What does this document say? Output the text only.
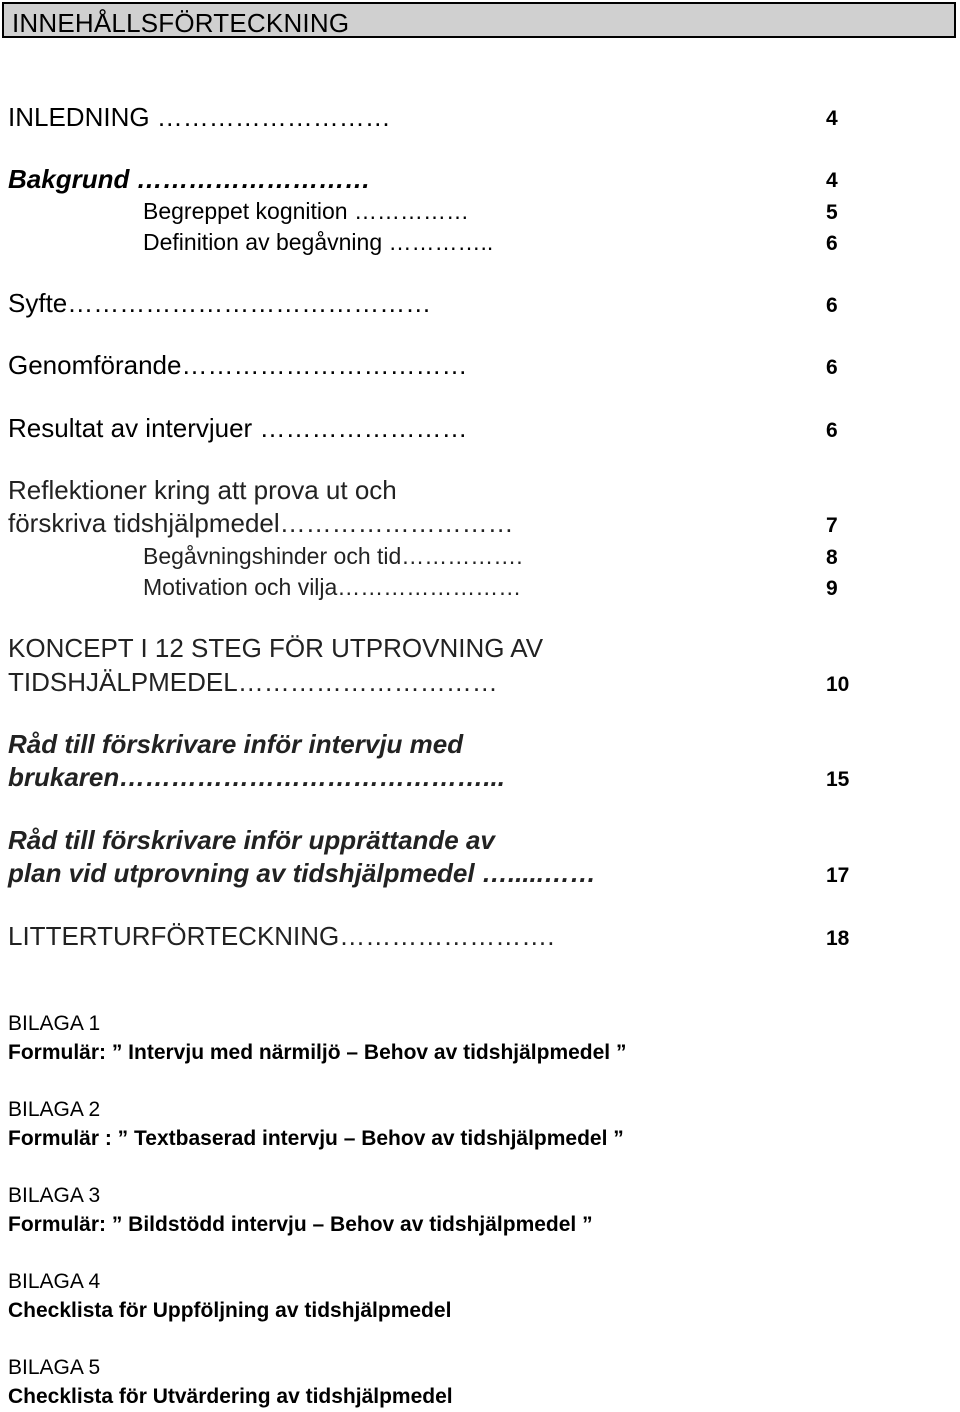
INNEHÅLLSFÖRTECKNING
INLEDNING ………………………	4
Bakgrund ………………………	4
Begreppet kognition ……………	5
Definition av begåvning …………..	6
Syfte……………………………………	6
Genomförande……………………………	6
Resultat av intervjuer ……………………	6
Reflektioner kring att prova ut och
förskriva tidshjälpmedel………………………	7
Begåvningshinder och tid…………….	8
Motivation och vilja……………………	9
KONCEPT I 12 STEG FÖR UTPROVNING AV
TIDSHJÄLPMEDEL…………………………	10
Råd till förskrivare inför intervju med
brukaren……………………………………...	15
Råd till förskrivare inför upprättande av
plan vid utprovning av tidshjälpmedel ….....……	17
LITTERTURFÖRTECKNING…………………….	18
BILAGA 1
Formulär: ” Intervju med närmiljö – Behov av tidshjälpmedel ”
BILAGA 2
Formulär : ” Textbaserad intervju – Behov av tidshjälpmedel ”
BILAGA 3
Formulär: ” Bildstödd intervju – Behov av tidshjälpmedel ”
BILAGA 4
Checklista för Uppföljning av tidshjälpmedel
BILAGA 5
Checklista för Utvärdering av tidshjälpmedel
